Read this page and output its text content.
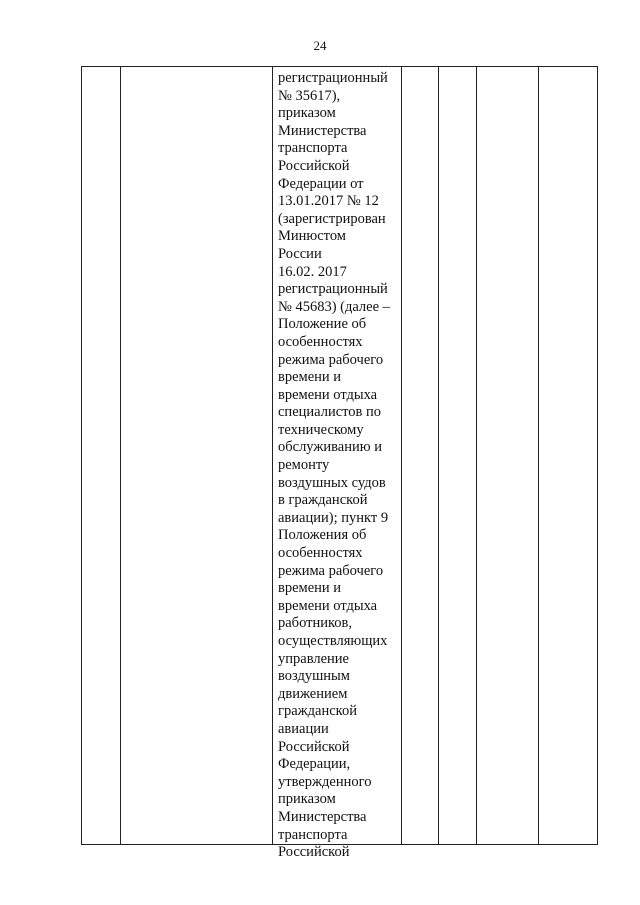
24
регистрационный
№ 35617),
приказом
Министерства
транспорта
Российской
Федерации от
13.01.2017 № 12
(зарегистрирован
Минюстом
России
16.02. 2017
регистрационный
№ 45683) (далее –
Положение об
особенностях
режима рабочего
времени и
времени отдыха
специалистов по
техническому
обслуживанию и
ремонту
воздушных судов
в гражданской
авиации); пункт 9
Положения об
особенностях
режима рабочего
времени и
времени отдыха
работников,
осуществляющих
управление
воздушным
движением
гражданской
авиации
Российской
Федерации,
утвержденного
приказом
Министерства
транспорта
Российской
